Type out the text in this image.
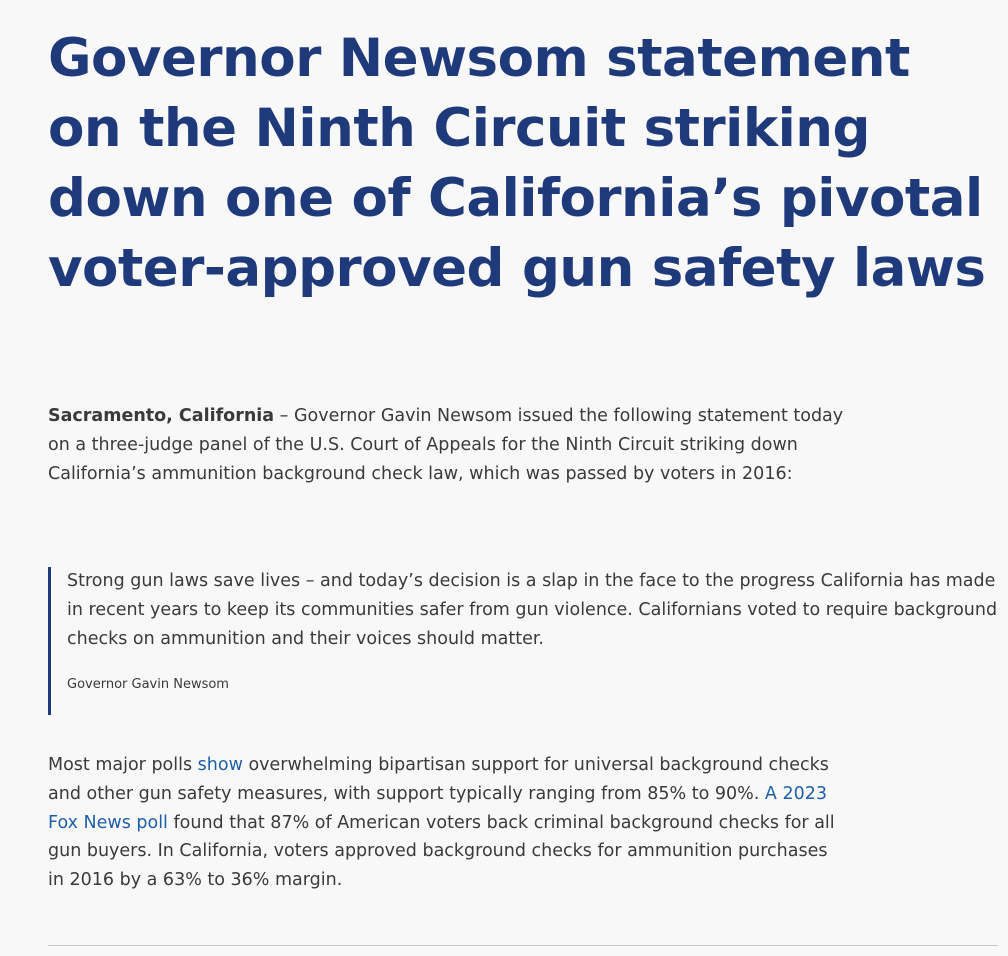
Governor Newsom statement on the Ninth Circuit striking down one of California’s pivotal voter-approved gun safety laws

Sacramento, California – Governor Gavin Newsom issued the following statement today on a three-judge panel of the U.S. Court of Appeals for the Ninth Circuit striking down California’s ammunition background check law, which was passed by voters in 2016:

Strong gun laws save lives – and today’s decision is a slap in the face to the progress California has made in recent years to keep its communities safer from gun violence. Californians voted to require background checks on ammunition and their voices should matter.

Governor Gavin Newsom

Most major polls show overwhelming bipartisan support for universal background checks and other gun safety measures, with support typically ranging from 85% to 90%. A 2023 Fox News poll found that 87% of American voters back criminal background checks for all gun buyers. In California, voters approved background checks for ammunition purchases in 2016 by a 63% to 36% margin.
